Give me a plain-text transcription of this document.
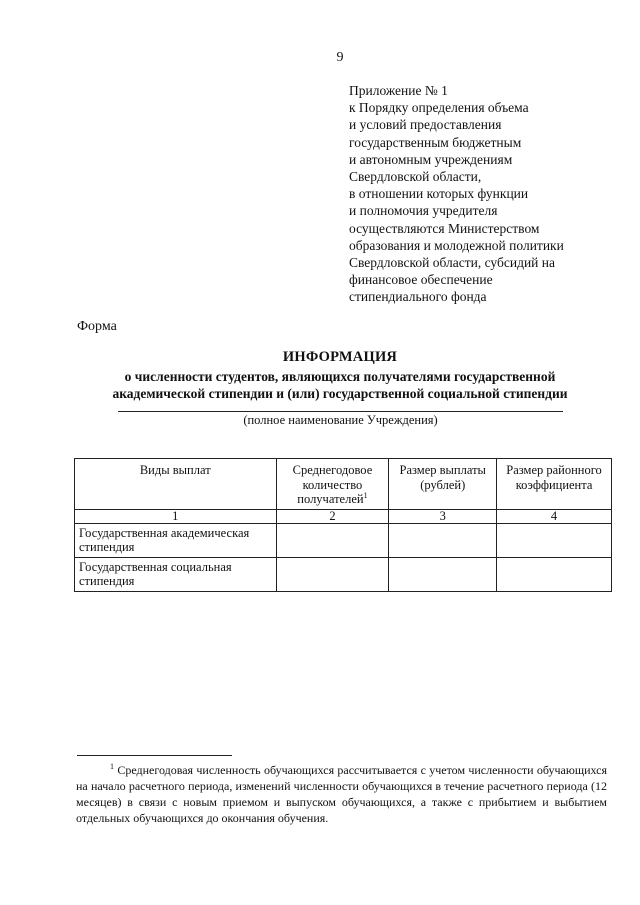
9
Приложение № 1
к Порядку определения объема
и условий предоставления
государственным бюджетным
и автономным учреждениям
Свердловской области,
в отношении которых функции
и полномочия учредителя
осуществляются Министерством
образования и молодежной политики
Свердловской области, субсидий на
финансовое обеспечение
стипендиального фонда
Форма
ИНФОРМАЦИЯ
о численности студентов, являющихся получателями государственной
академической стипендии и (или) государственной социальной стипендии
(полное наименование Учреждения)
Виды выплат	Среднегодовое количество получателей$^1$	Размер выплаты (рублей)	Размер районного коэффициента
1	2	3	4
Государственная академическая стипендия			
Государственная социальная стипендия			
$^1$ Среднегодовая численность обучающихся рассчитывается с учетом численности обучающихся на начало расчетного периода, изменений численности обучающихся в течение расчетного периода (12 месяцев) в связи с новым приемом и выпуском обучающихся, а также с прибытием и выбытием отдельных обучающихся до окончания обучения.
